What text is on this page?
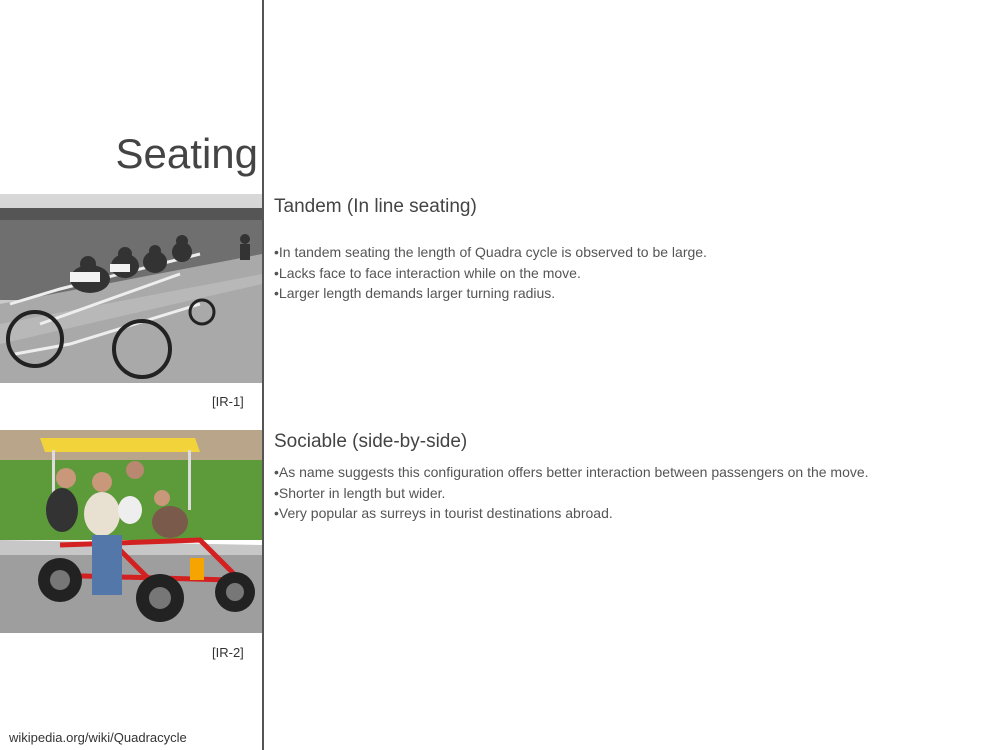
Seating
[IR-1]
[IR-2]
wikipedia.org/wiki/Quadracycle
Tandem (In line seating)
•In tandem seating the length of Quadra cycle is observed to be large.
•Lacks face to face interaction while on the move.
•Larger length demands larger turning radius.
Sociable (side-by-side)
•As name suggests this configuration offers better interaction between passengers on the move.
•Shorter in length but wider.
•Very popular as surreys in tourist destinations abroad.
